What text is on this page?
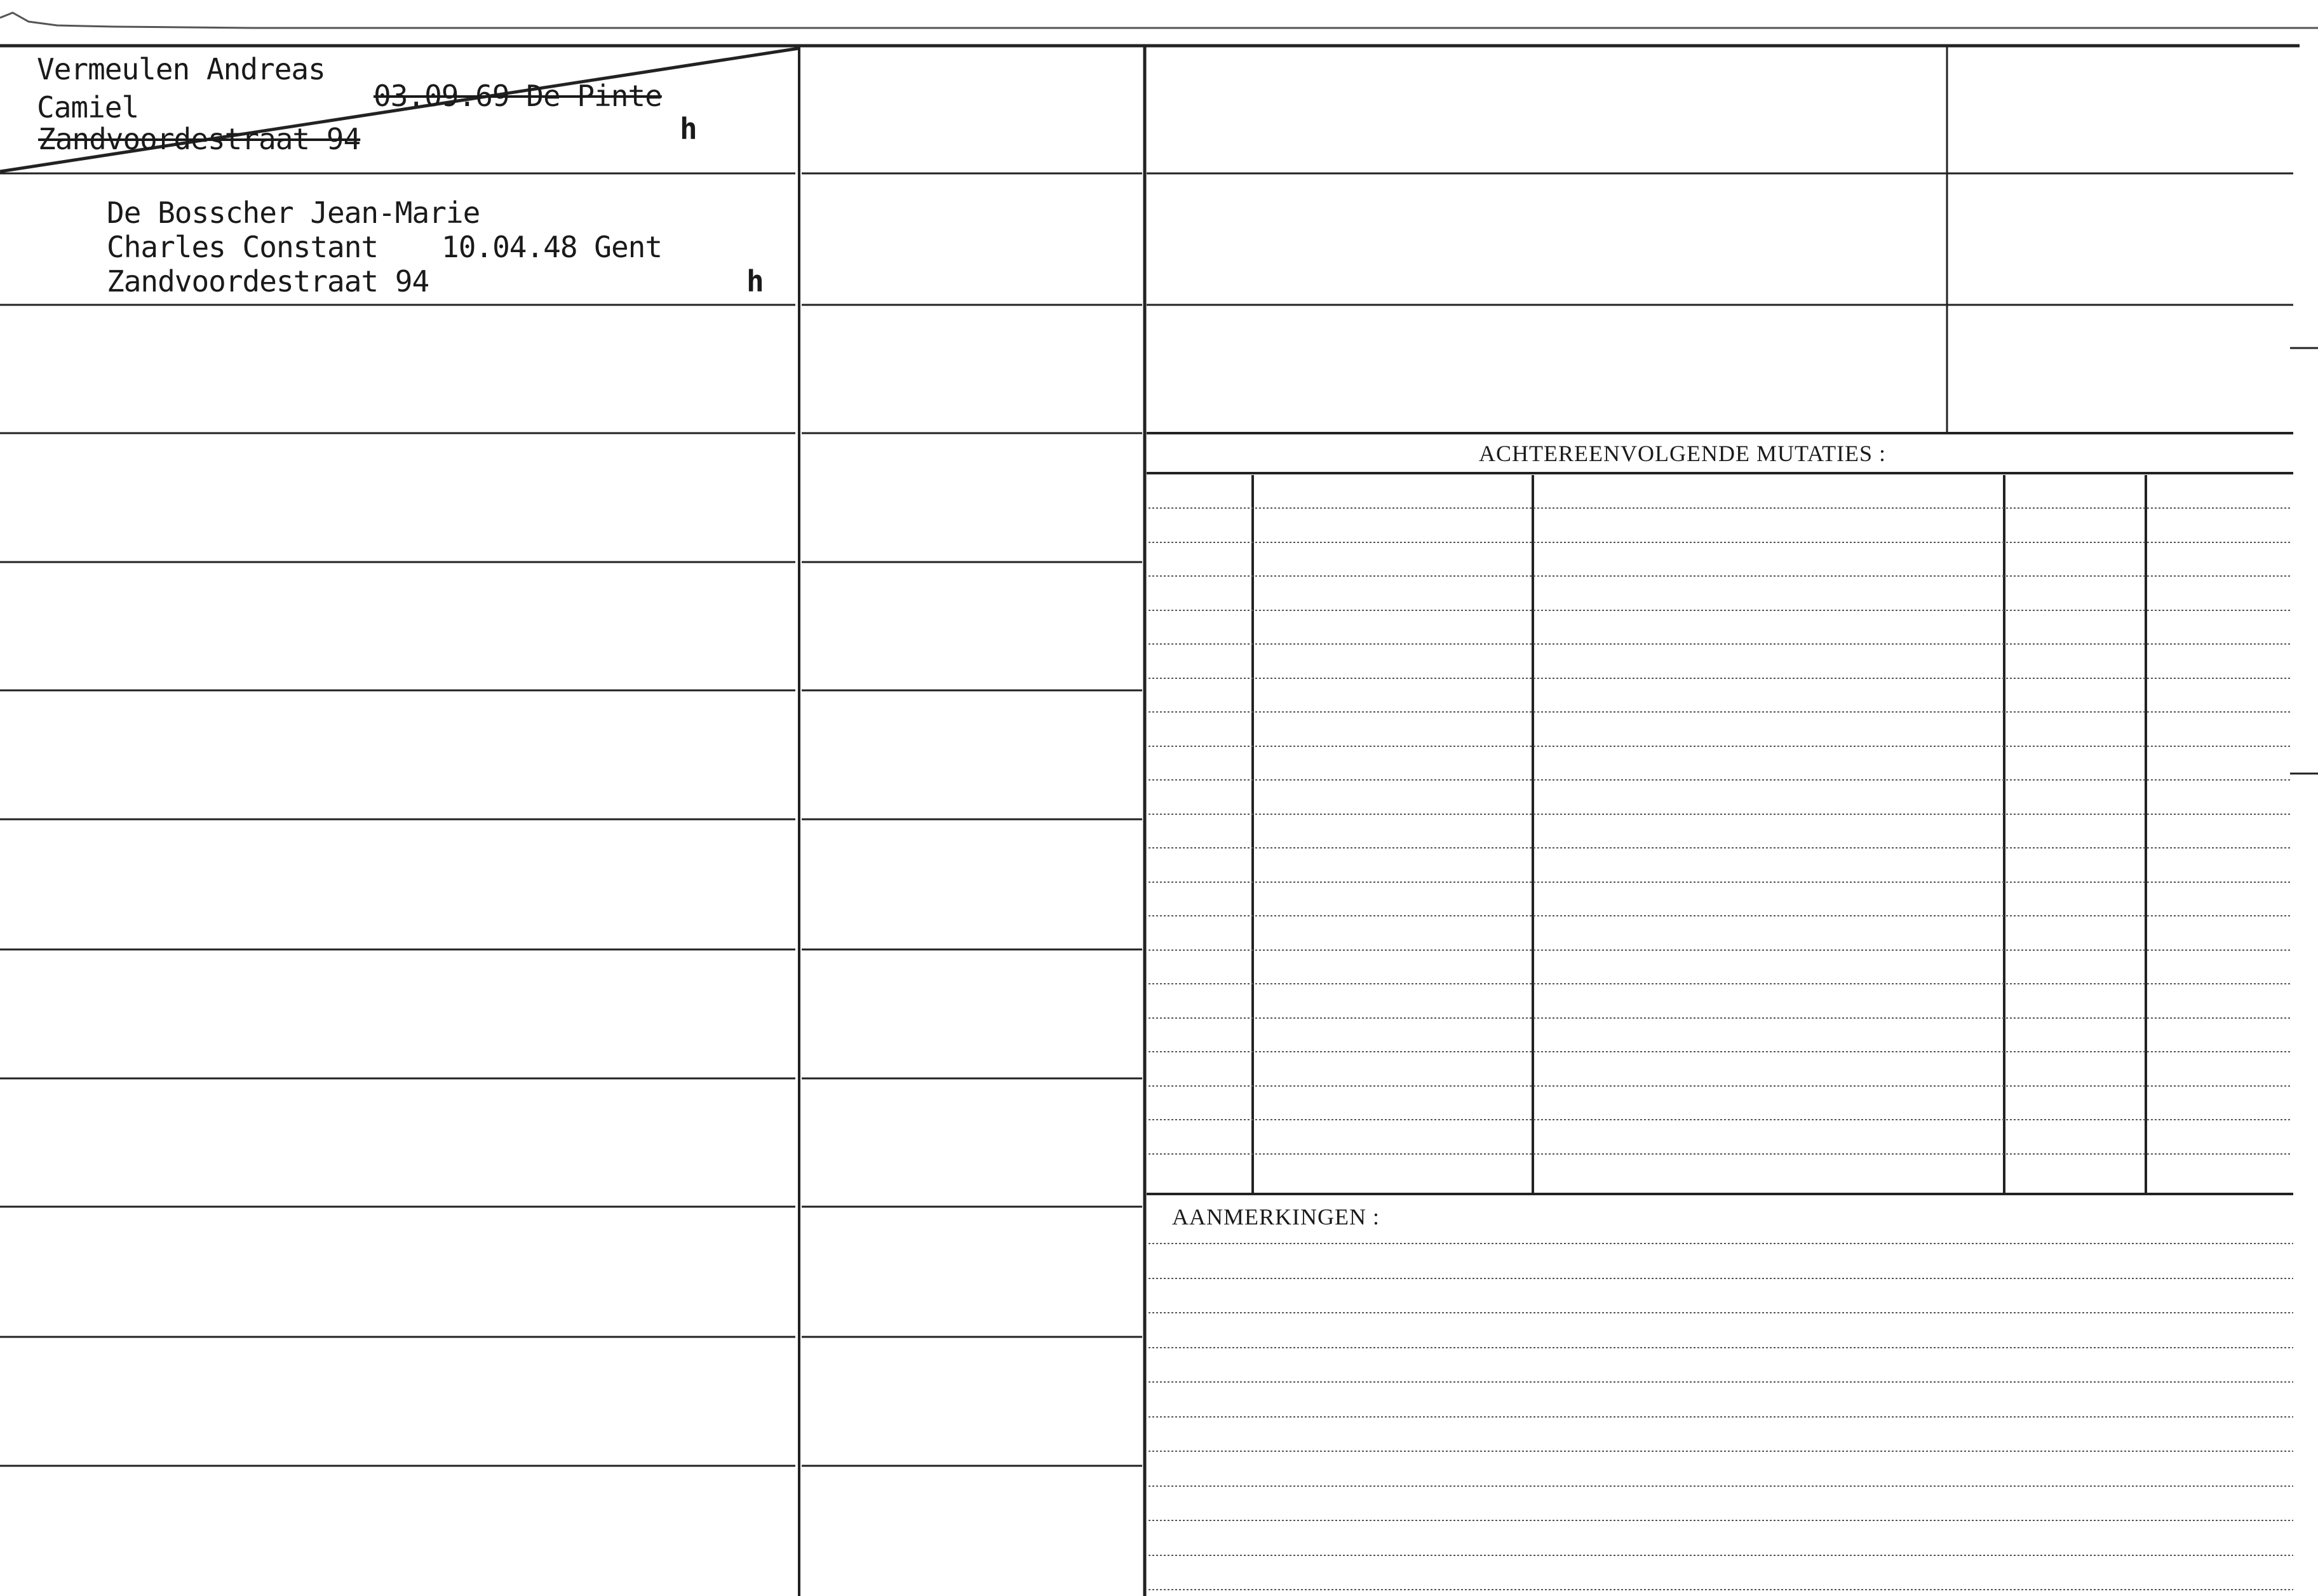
Vermeulen Andreas
Camiel	03.09.69 De Pinte
Zandvoordestraat 94	h
De Bosscher Jean-Marie
Charles Constant 10.04.48 Gent
Zandvoordestraat 94	h
ACHTEREENVOLGENDE MUTATIES :
AANMERKINGEN :
